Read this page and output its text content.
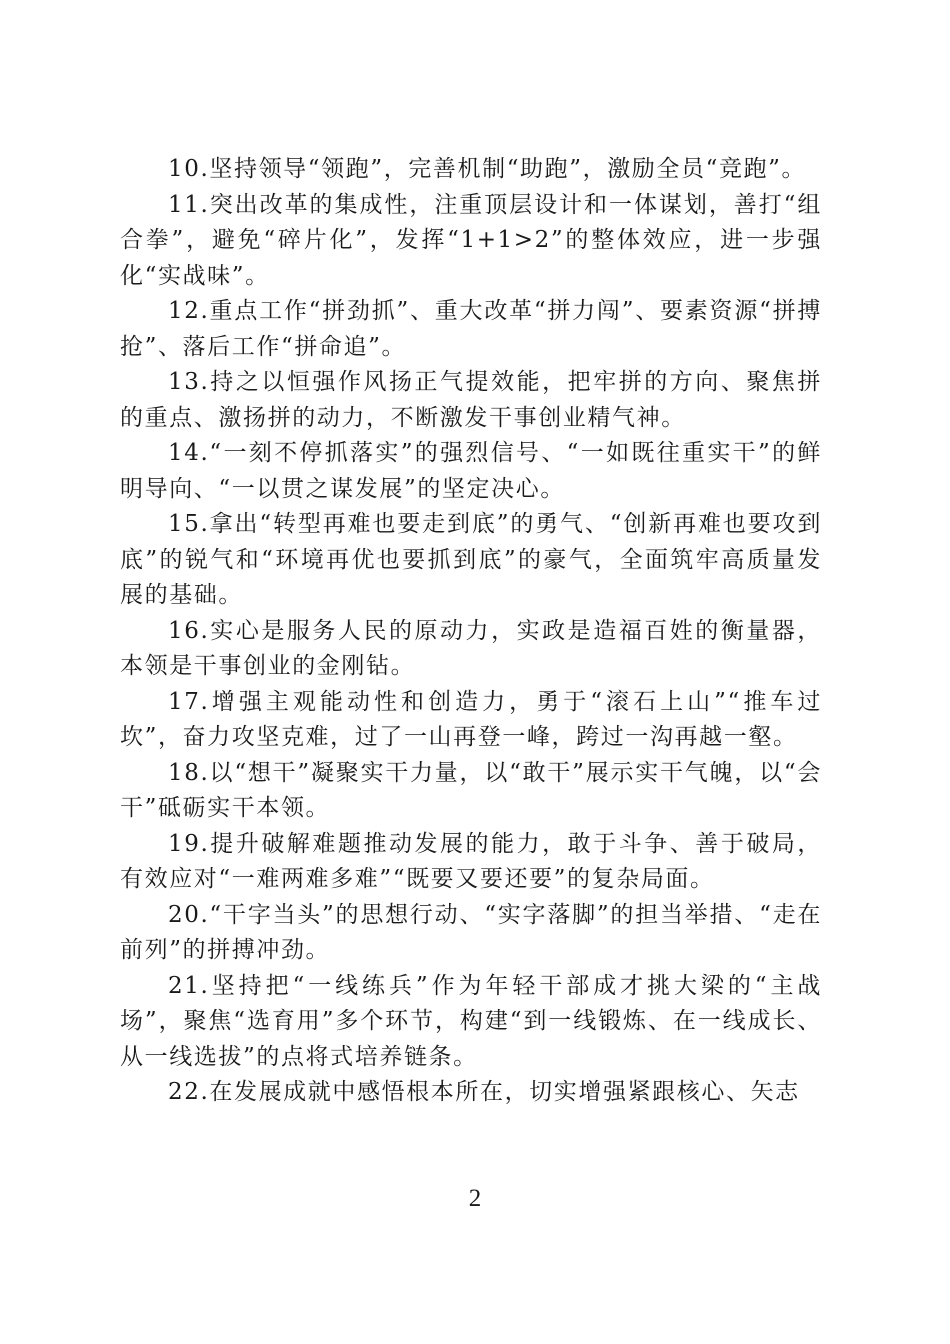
10.坚持领导“领跑”，完善机制“助跑”，激励全员“竞跑”。

11.突出改革的集成性，注重顶层设计和一体谋划，善打“组合拳”，避免“碎片化”，发挥“1+1>2”的整体效应，进一步强化“实战味”。

12.重点工作“拼劲抓”、重大改革“拼力闯”、要素资源“拼搏抢”、落后工作“拼命追”。

13.持之以恒强作风扬正气提效能，把牢拼的方向、聚焦拼的重点、激扬拼的动力，不断激发干事创业精气神。

14.“一刻不停抓落实”的强烈信号、“一如既往重实干”的鲜明导向、“一以贯之谋发展”的坚定决心。

15.拿出“转型再难也要走到底”的勇气、“创新再难也要攻到底”的锐气和“环境再优也要抓到底”的豪气，全面筑牢高质量发展的基础。

16.实心是服务人民的原动力，实政是造福百姓的衡量器，本领是干事创业的金刚钻。

17.增强主观能动性和创造力，勇于“滚石上山”“推车过坎”，奋力攻坚克难，过了一山再登一峰，跨过一沟再越一壑。

18.以“想干”凝聚实干力量，以“敢干”展示实干气魄，以“会干”砥砺实干本领。

19.提升破解难题推动发展的能力，敢于斗争、善于破局，有效应对“一难两难多难”“既要又要还要”的复杂局面。

20.“干字当头”的思想行动、“实字落脚”的担当举措、“走在前列”的拼搏冲劲。

21.坚持把“一线练兵”作为年轻干部成才挑大梁的“主战场”，聚焦“选育用”多个环节，构建“到一线锻炼、在一线成长、从一线选拔”的点将式培养链条。

22.在发展成就中感悟根本所在，切实增强紧跟核心、矢志

2
